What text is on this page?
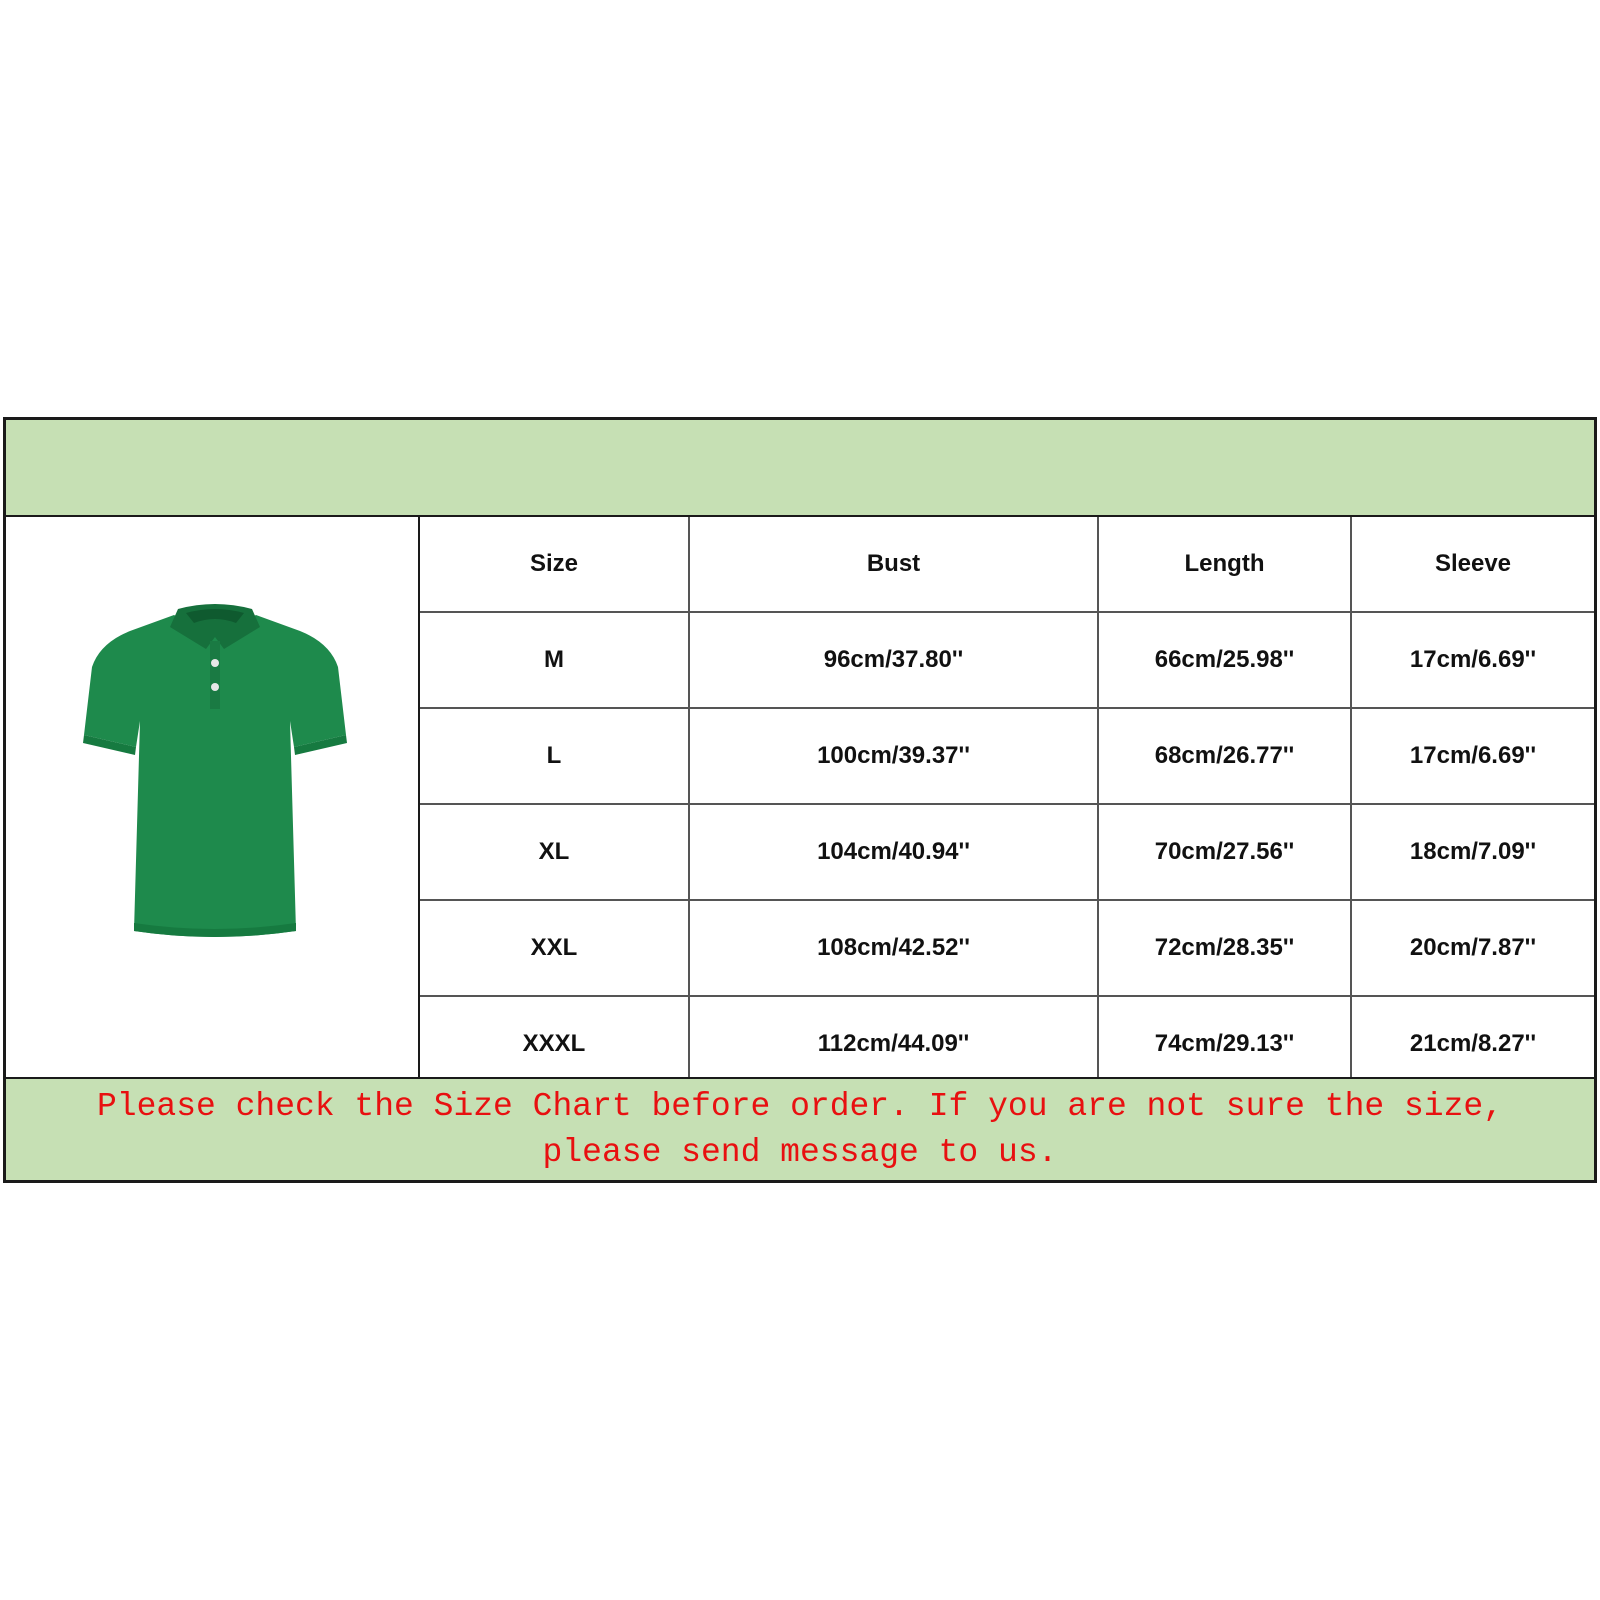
Size	Bust	Length	Sleeve
M	96cm/37.80''	66cm/25.98''	17cm/6.69''
L	100cm/39.37''	68cm/26.77''	17cm/6.69''
XL	104cm/40.94''	70cm/27.56''	18cm/7.09''
XXL	108cm/42.52''	72cm/28.35''	20cm/7.87''
XXXL	112cm/44.09''	74cm/29.13''	21cm/8.27''

Please check the Size Chart before order. If you are not sure the size, please send message to us.
